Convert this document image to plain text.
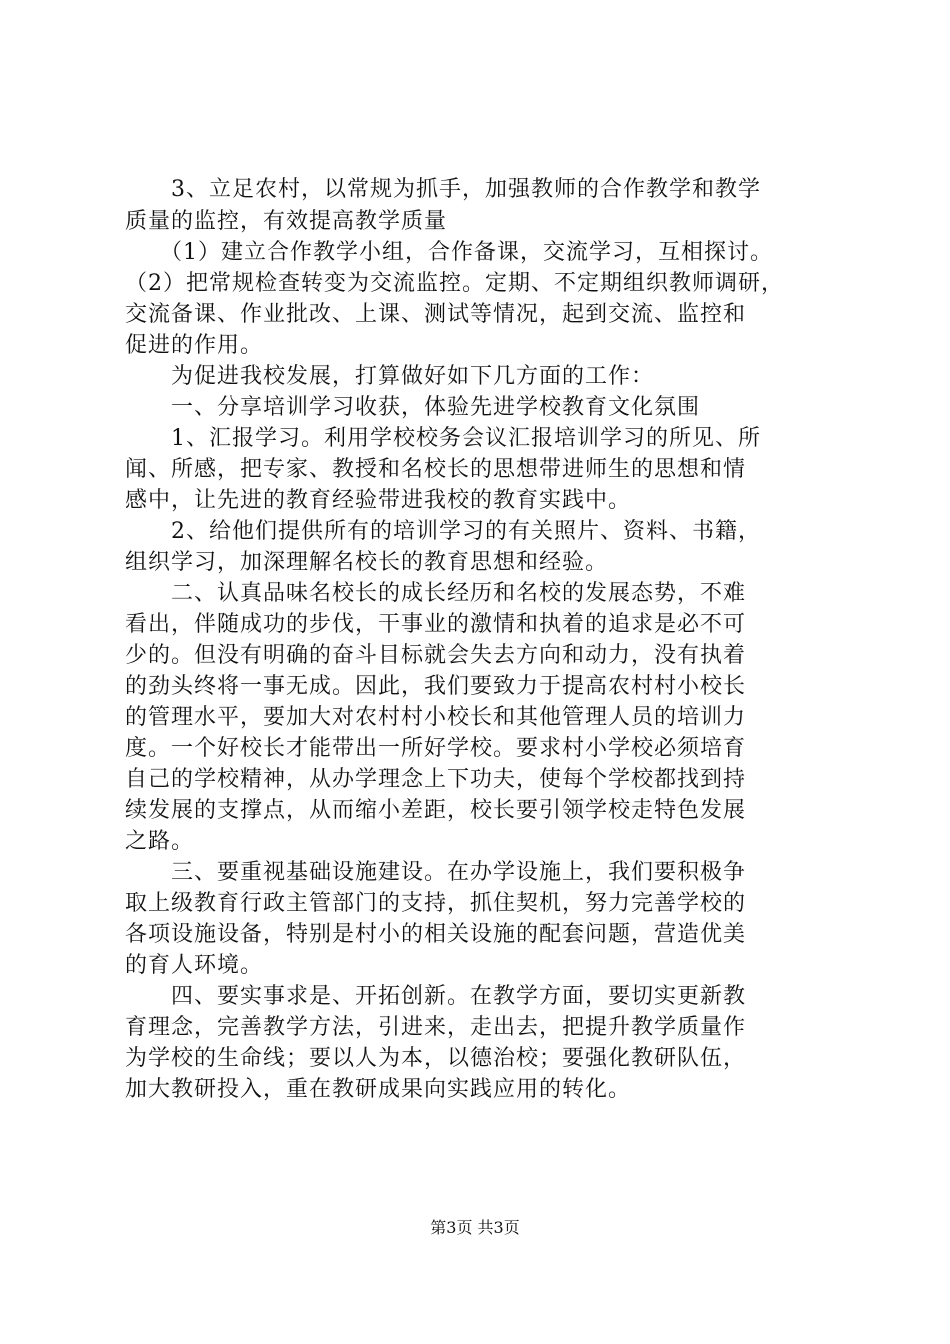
　　3、立足农村，以常规为抓手，加强教师的合作教学和教学
质量的监控，有效提高教学质量
　　（1）建立合作教学小组，合作备课，交流学习，互相探讨。
（2）把常规检查转变为交流监控。定期、不定期组织教师调研，
交流备课、作业批改、上课、测试等情况，起到交流、监控和
促进的作用。
　　为促进我校发展，打算做好如下几方面的工作：
　　一、分享培训学习收获，体验先进学校教育文化氛围
　　1、汇报学习。利用学校校务会议汇报培训学习的所见、所
闻、所感，把专家、教授和名校长的思想带进师生的思想和情
感中，让先进的教育经验带进我校的教育实践中。
　　2、给他们提供所有的培训学习的有关照片、资料、书籍，
组织学习，加深理解名校长的教育思想和经验。
　　二、认真品味名校长的成长经历和名校的发展态势，不难
看出，伴随成功的步伐，干事业的激情和执着的追求是必不可
少的。但没有明确的奋斗目标就会失去方向和动力，没有执着
的劲头终将一事无成。因此，我们要致力于提高农村村小校长
的管理水平，要加大对农村村小校长和其他管理人员的培训力
度。一个好校长才能带出一所好学校。要求村小学校必须培育
自己的学校精神，从办学理念上下功夫，使每个学校都找到持
续发展的支撑点，从而缩小差距，校长要引领学校走特色发展
之路。
　　三、要重视基础设施建设。在办学设施上，我们要积极争
取上级教育行政主管部门的支持，抓住契机，努力完善学校的
各项设施设备，特别是村小的相关设施的配套问题，营造优美
的育人环境。
　　四、要实事求是、开拓创新。在教学方面，要切实更新教
育理念，完善教学方法，引进来，走出去，把提升教学质量作
为学校的生命线；要以人为本，以德治校；要强化教研队伍，
加大教研投入，重在教研成果向实践应用的转化。
第3页 共3页
